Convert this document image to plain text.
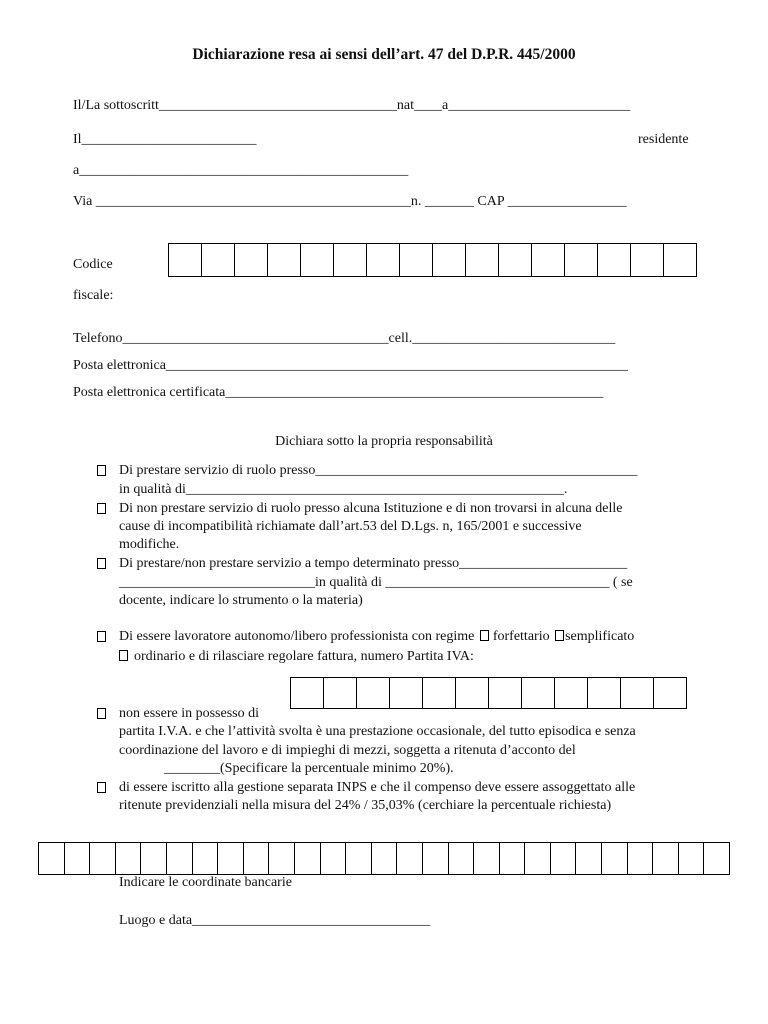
Dichiarazione resa ai sensi dell’art. 47 del D.P.R. 445/2000
Il/La sottoscritt__________________________________nat____a__________________________
Il_________________________	residente
a_______________________________________________
Via _____________________________________________n. _______ CAP _________________
Codice
fiscale:
Telefono______________________________________cell._____________________________
Posta elettronica__________________________________________________________________
Posta elettronica certificata______________________________________________________
Dichiara sotto la propria responsabilità
Di prestare servizio di ruolo presso______________________________________________
in qualità di______________________________________________________.
Di non prestare servizio di ruolo presso alcuna Istituzione e di non trovarsi in alcuna delle
cause di incompatibilità richiamate dall’art.53 del D.Lgs. n, 165/2001 e successive
modifiche.
Di prestare/non prestare servizio a tempo determinato presso________________________
____________________________in qualità di ________________________________ ( se
docente, indicare lo strumento o la materia)
Di essere lavoratore autonomo/libero professionista con regime forfettario semplificato
ordinario e di rilasciare regolare fattura, numero Partita IVA:
non essere in possesso di
partita I.V.A. e che l’attività svolta è una prestazione occasionale, del tutto episodica e senza
coordinazione del lavoro e di impieghi di mezzi, soggetta a ritenuta d’acconto del
________(Specificare la percentuale minimo 20%).
di essere iscritto alla gestione separata INPS e che il compenso deve essere assoggettato alle
ritenute previdenziali nella misura del 24% / 35,03% (cerchiare la percentuale richiesta)
Indicare le coordinate bancarie
Luogo e data__________________________________
